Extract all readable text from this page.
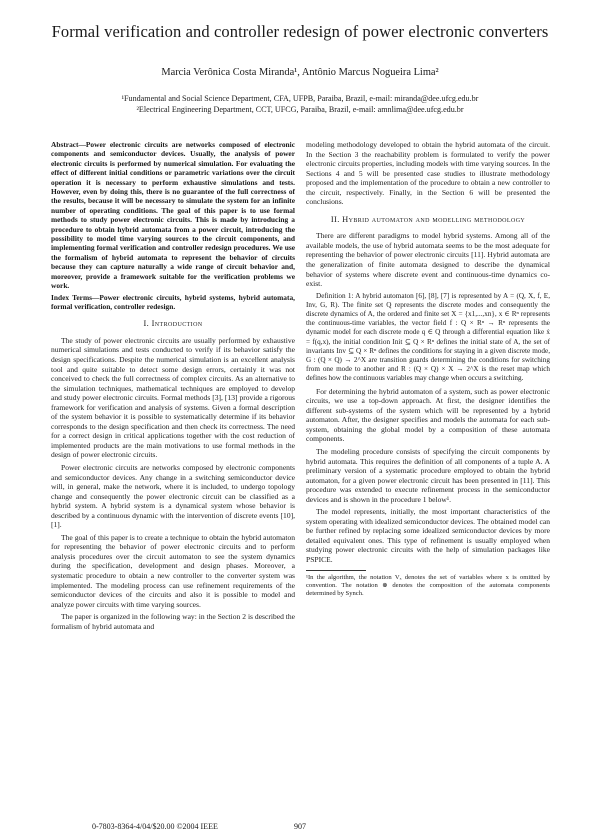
Formal verification and controller redesign of power electronic converters
Marcia Verônica Costa Miranda¹, Antônio Marcus Nogueira Lima²
¹Fundamental and Social Science Department, CFA, UFPB, Paraiba, Brazil, e-mail: miranda@dee.ufcg.edu.br
²Electrical Engineering Department, CCT, UFCG, Paraiba, Brazil, e-mail: amnlima@dee.ufcg.edu.br
Abstract—Power electronic circuits are networks composed of electronic components and semiconductor devices. Usually, the analysis of power electronic circuits is performed by numerical simulation. For evaluating the effect of different initial conditions or parametric variations over the circuit operation it is necessary to perform exhaustive simulations and tests. However, even by doing this, there is no guarantee of the full correctness of the results, because it will be necessary to simulate the system for an infinite number of operating conditions. The goal of this paper is to use formal methods to study power electronic circuits. This is made by introducing a procedure to obtain hybrid automata from a power circuit, introducing the possibility to model time varying sources to the circuit components, and implementing formal verification and controller redesign procedures. We use the formalism of hybrid automata to represent the behavior of circuits because they can capture naturally a wide range of circuit behavior and, moreover, provide a framework suitable for the verification problems we work.
Index Terms—Power electronic circuits, hybrid systems, hybrid automata, formal verification, controller redesign.
I. Introduction

The study of power electronic circuits are usually performed by exhaustive numerical simulations and tests conducted to verify if its behavior satisfy the design specifications. Despite the numerical simulation is an excellent analysis tool and quite suitable to detect some design errors, certainly it was not conceived to check the full correctness of complex circuits. As an alternative to the simulation techniques, mathematical techniques are employed to develop and study power electronic circuits. Formal methods [3], [13] provide a rigorous framework for verification and analysis of systems. Given a formal description of the system behavior it is possible to systematically determine if its behavior corresponds to the design specification and then check its correctness. The need for a correct design in critical applications together with the cost reduction of implemented products are the main motivations to use formal methods in the design of power electronic circuits.

Power electronic circuits are networks composed by electronic components and semiconductor devices. Any change in a switching semiconductor device will, in general, make the network, where it is included, to undergo topology change and consequently the power electronic circuit can be classified as a hybrid system. A hybrid system is a dynamical system whose behavior is described by a continuous dynamic with the intervention of discrete events [10], [1].

The goal of this paper is to create a technique to obtain the hybrid automaton for representing the behavior of power electronic circuits and to perform analysis procedures over the circuit automaton to see the system dynamics during the specification, development and design phases. Moreover, a systematic procedure to obtain a new controller to the converter system was implemented. The modeling process can use refinement requirements of the semiconductor devices of the circuits and also it is possible to model and analyze power circuits with time varying sources.

The paper is organized in the following way: in the Section 2 is described the formalism of hybrid automata and

modeling methodology developed to obtain the hybrid automata of the circuit. In the Section 3 the reachability problem is formulated to verify the power electronic circuits properties, including models with time varying sources. In the Sections 4 and 5 will be presented case studies to illustrate methodology proposed and the implementation of the procedure to obtain a new controller to the circuit, respectively. Finally, in the Section 6 will be presented the conclusions.

II. Hybrid automaton and modelling methodology

There are different paradigms to model hybrid systems. Among all of the available models, the use of hybrid automata seems to be the most adequate for representing the behavior of power electronic circuits [11]. Hybrid automata are the generalization of finite automata designed to describe the dynamical behavior of systems where discrete event and continuous-time dynamics co-exist.

Definition 1: A hybrid automaton [6], [8], [7] is represented by A = (Q, X, f, E, Inv, G, R). The finite set Q represents the discrete modes and consequently the discrete dynamics of A, the ordered and finite set X = {x1,...,xn}, x ∈ Rⁿ represents the continuous-time variables, the vector field f : Q × Rⁿ → Rⁿ represents the dynamic model for each discrete mode q ∈ Q through a differential equation like ẋ = f(q,x), the initial condition Init ⊆ Q × Rⁿ defines the initial state of A, the set of invariants Inv ⊆ Q × Rⁿ defines the conditions for staying in a given discrete mode, G : (Q × Q) → 2^X are transition guards determining the conditions for switching from one mode to another and R : (Q × Q) × X → 2^X is the reset map which defines how the continuous variables may change when occurs a switching.

For determining the hybrid automaton of a system, such as power electronic circuits, we use a top-down approach. At first, the designer identifies the different sub-systems of the system which will be represented by a hybrid automaton. After, the designer specifies and models the automata for each sub-system, obtaining the global model by a composition of these automata components.

The modeling procedure consists of specifying the circuit components by hybrid automata. This requires the definition of all components of a tuple A. A preliminary version of a systematic procedure employed to obtain the hybrid automaton, for a given power electronic circuit has been presented in [11]. This procedure was extended to execute refinement process in the semiconductor devices and is shown in the procedure 1 below¹.

The model represents, initially, the most important characteristics of the system operating with idealized semiconductor devices. The obtained model can be further refined by replacing some idealized semiconductor devices by more detailed equivalent ones. This type of refinement is usually employed when studying power electronic circuits with the help of simulation packages like PSPICE.

¹In the algorithm, the notation Vₓ denotes the set of variables where x is omitted by convention. The notation ⊗ denotes the composition of the automata components determined by Synch.
0-7803-8364-4/04/$20.00 ©2004 IEEE	907
